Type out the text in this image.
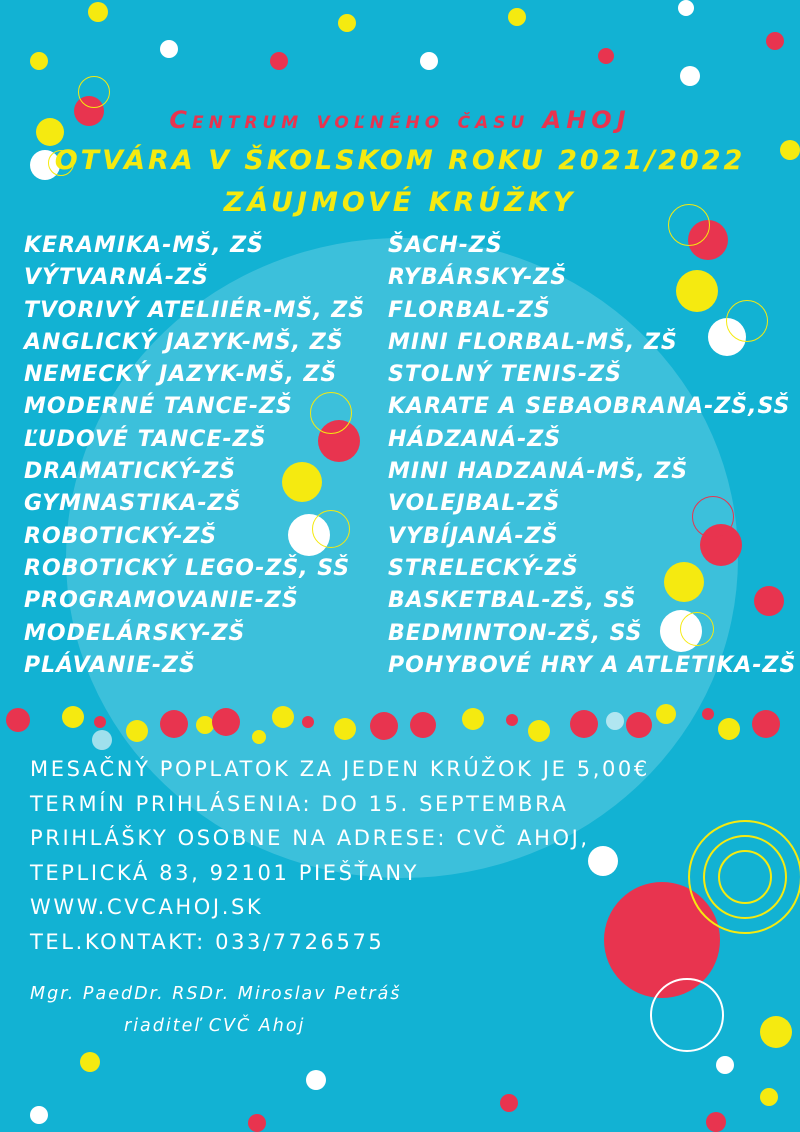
Centrum voľného času AHOJ
OTVÁRA V ŠKOLSKOM ROKU 2021/2022
ZÁUJMOVÉ KRÚŽKY
KERAMIKA-MŠ, ZŠ
VÝTVARNÁ-ZŠ
TVORIVÝ ATELIIÉR-MŠ, ZŠ
ANGLICKÝ JAZYK-MŠ, ZŠ
NEMECKÝ JAZYK-MŠ, ZŠ
MODERNÉ TANCE-ZŠ
ĽUDOVÉ TANCE-ZŠ
DRAMATICKÝ-ZŠ
GYMNASTIKA-ZŠ
ROBOTICKÝ-ZŠ
ROBOTICKÝ LEGO-ZŠ, SŠ
PROGRAMOVANIE-ZŠ
MODELÁRSKY-ZŠ
PLÁVANIE-ZŠ
ŠACH-ZŠ
RYBÁRSKY-ZŠ
FLORBAL-ZŠ
MINI FLORBAL-MŠ, ZŠ
STOLNÝ TENIS-ZŠ
KARATE A SEBAOBRANA-ZŠ,SŠ
HÁDZANÁ-ZŠ
MINI HADZANÁ-MŠ, ZŠ
VOLEJBAL-ZŠ
VYBÍJANÁ-ZŠ
STRELECKÝ-ZŠ
BASKETBAL-ZŠ, SŠ
BEDMINTON-ZŠ, SŠ
POHYBOVÉ HRY A ATLETIKA-ZŠ
MESAČNÝ POPLATOK ZA JEDEN KRÚŽOK JE 5,00€
TERMÍN PRIHLÁSENIA: DO 15. SEPTEMBRA
PRIHLÁŠKY OSOBNE NA ADRESE: CVČ AHOJ,
TEPLICKÁ 83, 92101 PIEŠŤANY
WWW.CVCAHOJ.SK
TEL.KONTAKT: 033/7726575

Mgr. PaedDr. RSDr. Miroslav Petráš

riaditeľ CVČ Ahoj
